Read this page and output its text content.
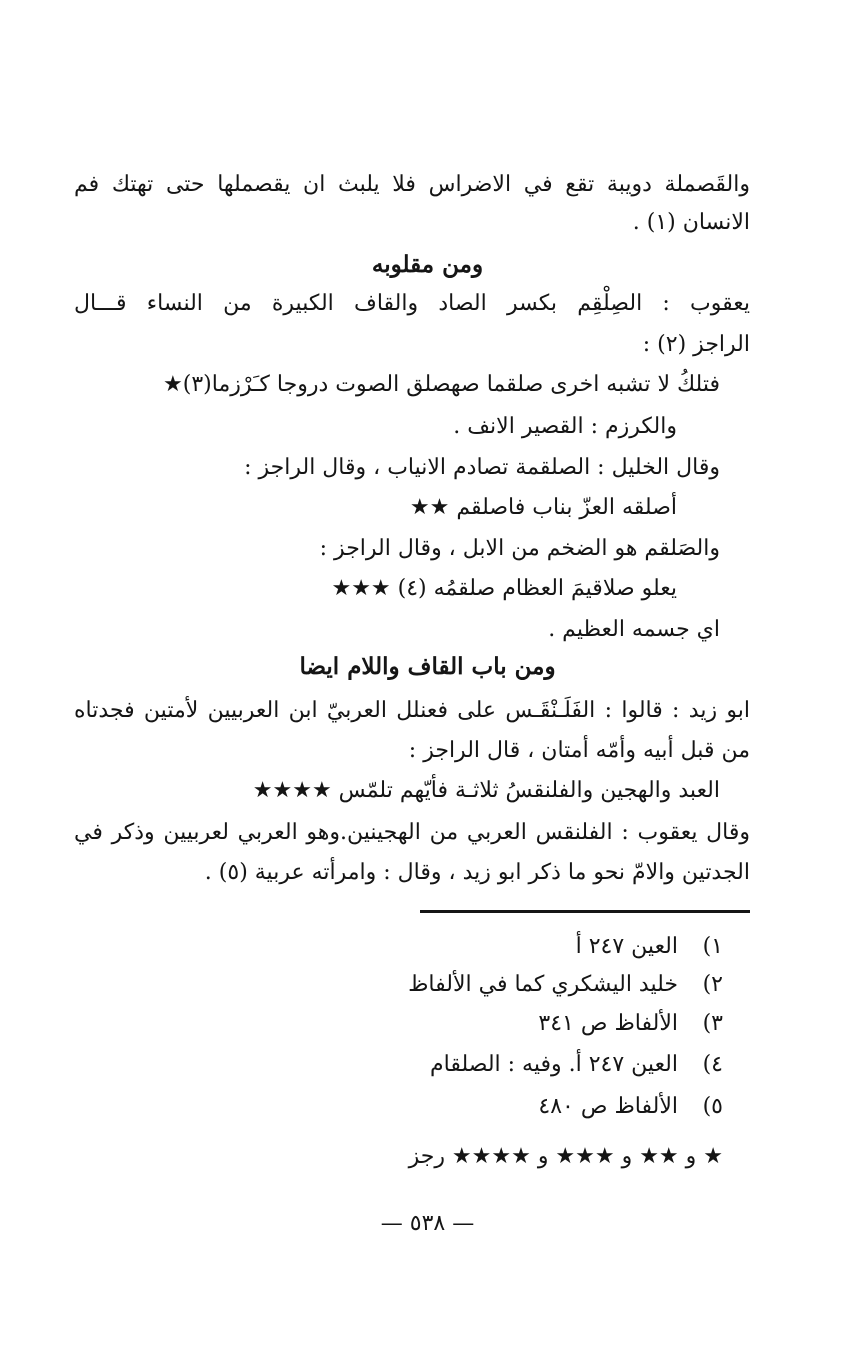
والقَصملة دويبة تقع في الاضراس فلا يلبث ان يقصملها حتى تهتك فم
الانسان (١) .
ومن مقلوبه
يعقوب : الصِلْقِم بكسر الصاد والقاف الكبيرة من النساء قـــال
الراجز (٢) :
فتلكُ لا تشبه اخرى صلقما صهصلق الصوت دروجا كـَرْزما(٣)★
والكرزم : القصير الانف .
وقال الخليل : الصلقمة تصادم الانياب ، وقال الراجز :
أصلقه العزّ بناب فاصلقم ★★
والصَلقم هو الضخم من الابل ، وقال الراجز :
يعلو صلاقيمَ العظام صلقمُه (٤) ★★★
اي جسمه العظيم .
ومن باب القاف واللام ايضا
ابو زيد : قالوا : الفَلَـنْقَـس على فعنلل العربيّ ابن العربيين لأمتين فجدتاه
من قبل أبيه وأمّه أمتان ، قال الراجز :
العبد والهجين والفلنقسُ ثلاثـة فأيّهم تلمّس ★★★★
وقال يعقوب : الفلنقس العربي من الهجينين.وهو العربي لعربيين وذكر في
الجدتين والامّ نحو ما ذكر ابو زيد ، وقال : وامرأته عربية (٥) .
١) العين ٢٤٧ أ
٢) خليد اليشكري كما في الألفاظ
٣) الألفاظ ص ٣٤١
٤) العين ٢٤٧ أ. وفيه : الصلقام
٥) الألفاظ ص ٤٨٠
★ و ★★ و ★★★ و ★★★★ رجز
— ٥٣٨ —
